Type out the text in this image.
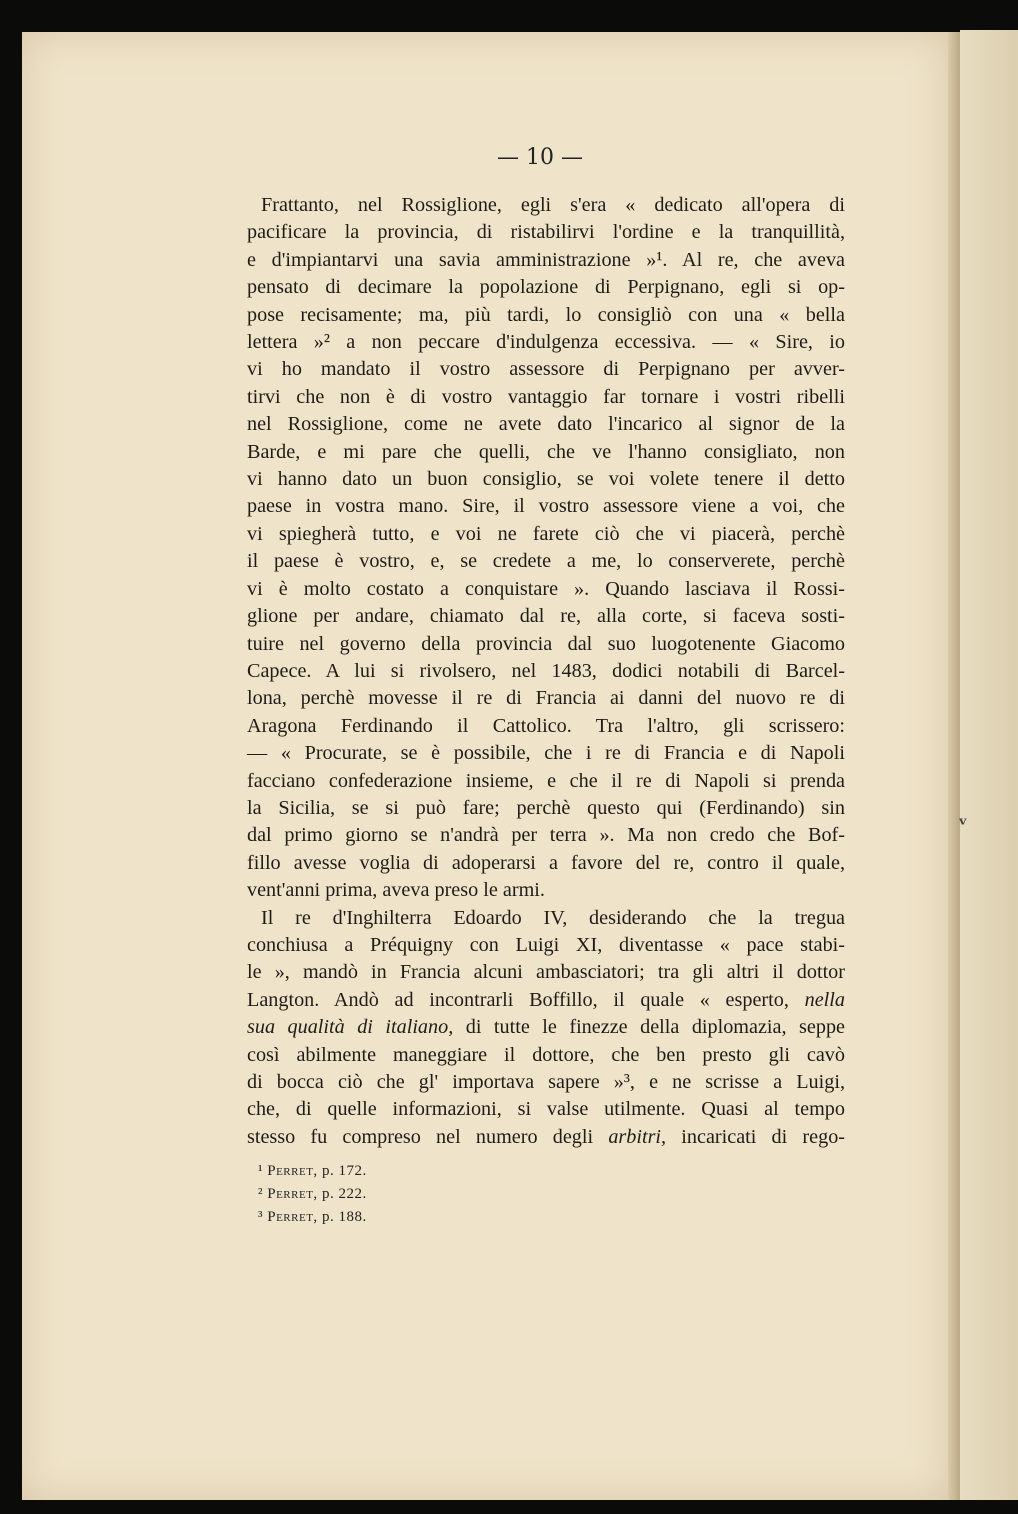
ᵛ
— 10 —
Frattanto, nel Rossiglione, egli s'era « dedicato all'opera di
pacificare la provincia, di ristabilirvi l'ordine e la tranquillità,
e d'impiantarvi una savia amministrazione »¹. Al re, che aveva
pensato di decimare la popolazione di Perpignano, egli si op-
pose recisamente; ma, più tardi, lo consigliò con una « bella
lettera »² a non peccare d'indulgenza eccessiva. — « Sire, io
vi ho mandato il vostro assessore di Perpignano per avver-
tirvi che non è di vostro vantaggio far tornare i vostri ribelli
nel Rossiglione, come ne avete dato l'incarico al signor de la
Barde, e mi pare che quelli, che ve l'hanno consigliato, non
vi hanno dato un buon consiglio, se voi volete tenere il detto
paese in vostra mano. Sire, il vostro assessore viene a voi, che
vi spiegherà tutto, e voi ne farete ciò che vi piacerà, perchè
il paese è vostro, e, se credete a me, lo conserverete, perchè
vi è molto costato a conquistare ». Quando lasciava il Rossi-
glione per andare, chiamato dal re, alla corte, si faceva sosti-
tuire nel governo della provincia dal suo luogotenente Giacomo
Capece. A lui si rivolsero, nel 1483, dodici notabili di Barcel-
lona, perchè movesse il re di Francia ai danni del nuovo re di
Aragona Ferdinando il Cattolico. Tra l'altro, gli scrissero:
— « Procurate, se è possibile, che i re di Francia e di Napoli
facciano confederazione insieme, e che il re di Napoli si prenda
la Sicilia, se si può fare; perchè questo qui (Ferdinando) sin
dal primo giorno se n'andrà per terra ». Ma non credo che Bof-
fillo avesse voglia di adoperarsi a favore del re, contro il quale,
vent'anni prima, aveva preso le armi.
Il re d'Inghilterra Edoardo IV, desiderando che la tregua
conchiusa a Préquigny con Luigi XI, diventasse « pace stabi-
le », mandò in Francia alcuni ambasciatori; tra gli altri il dottor
Langton. Andò ad incontrarli Boffillo, il quale « esperto, nella
sua qualità di italiano, di tutte le finezze della diplomazia, seppe
così abilmente maneggiare il dottore, che ben presto gli cavò
di bocca ciò che gl' importava sapere »³, e ne scrisse a Luigi,
che, di quelle informazioni, si valse utilmente. Quasi al tempo
stesso fu compreso nel numero degli arbitri, incaricati di rego-
¹ Perret, p. 172.
² Perret, p. 222.
³ Perret, p. 188.
